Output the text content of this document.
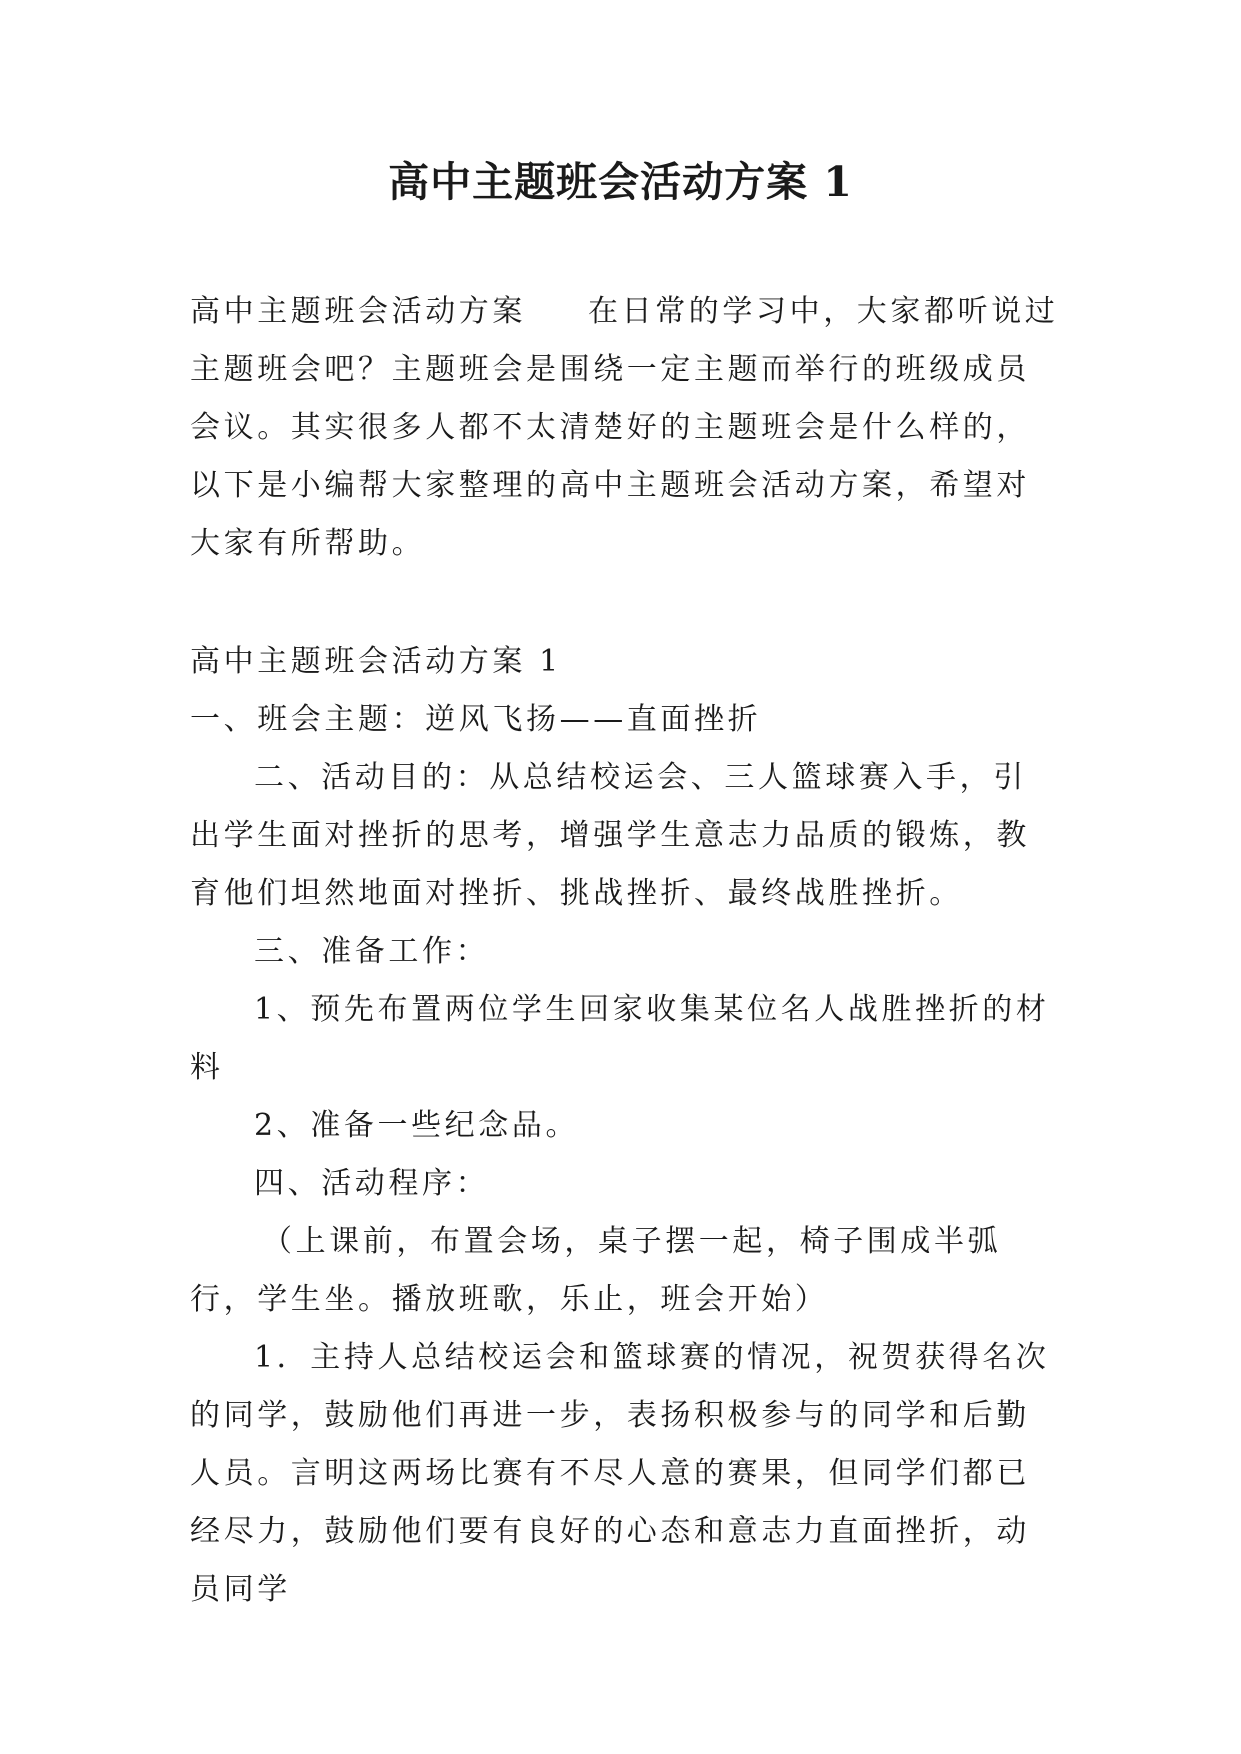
高中主题班会活动方案 1

高中主题班会活动方案 在日常的学习中，大家都听说过主题班会吧？主题班会是围绕一定主题而举行的班级成员会议。其实很多人都不太清楚好的主题班会是什么样的，以下是小编帮大家整理的高中主题班会活动方案，希望对大家有所帮助。

高中主题班会活动方案 1

一、班会主题：逆风飞扬——直面挫折

二、活动目的：从总结校运会、三人篮球赛入手，引出学生面对挫折的思考，增强学生意志力品质的锻炼，教育他们坦然地面对挫折、挑战挫折、最终战胜挫折。

三、准备工作：

1、预先布置两位学生回家收集某位名人战胜挫折的材料

2、准备一些纪念品。

四、活动程序：

（上课前，布置会场，桌子摆一起，椅子围成半弧行，学生坐。播放班歌，乐止，班会开始）

1．主持人总结校运会和篮球赛的情况，祝贺获得名次的同学，鼓励他们再进一步，表扬积极参与的同学和后勤人员。言明这两场比赛有不尽人意的赛果，但同学们都已经尽力，鼓励他们要有良好的心态和意志力直面挫折，动员同学
